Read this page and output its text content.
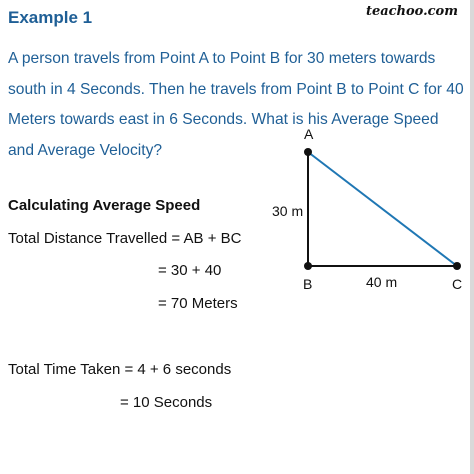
Example 1	teachoo.com
A person travels from Point A to Point B for 30 meters towards south in 4 Seconds. Then he travels from Point B to Point C for 40 Meters towards east in 6 Seconds. What is his Average Speed and Average Velocity?
A
B	C
30 m
40 m
Calculating Average Speed
Total Distance Travelled = AB + BC
= 30 + 40
= 70 Meters
Total Time Taken = 4 + 6 seconds
= 10 Seconds
